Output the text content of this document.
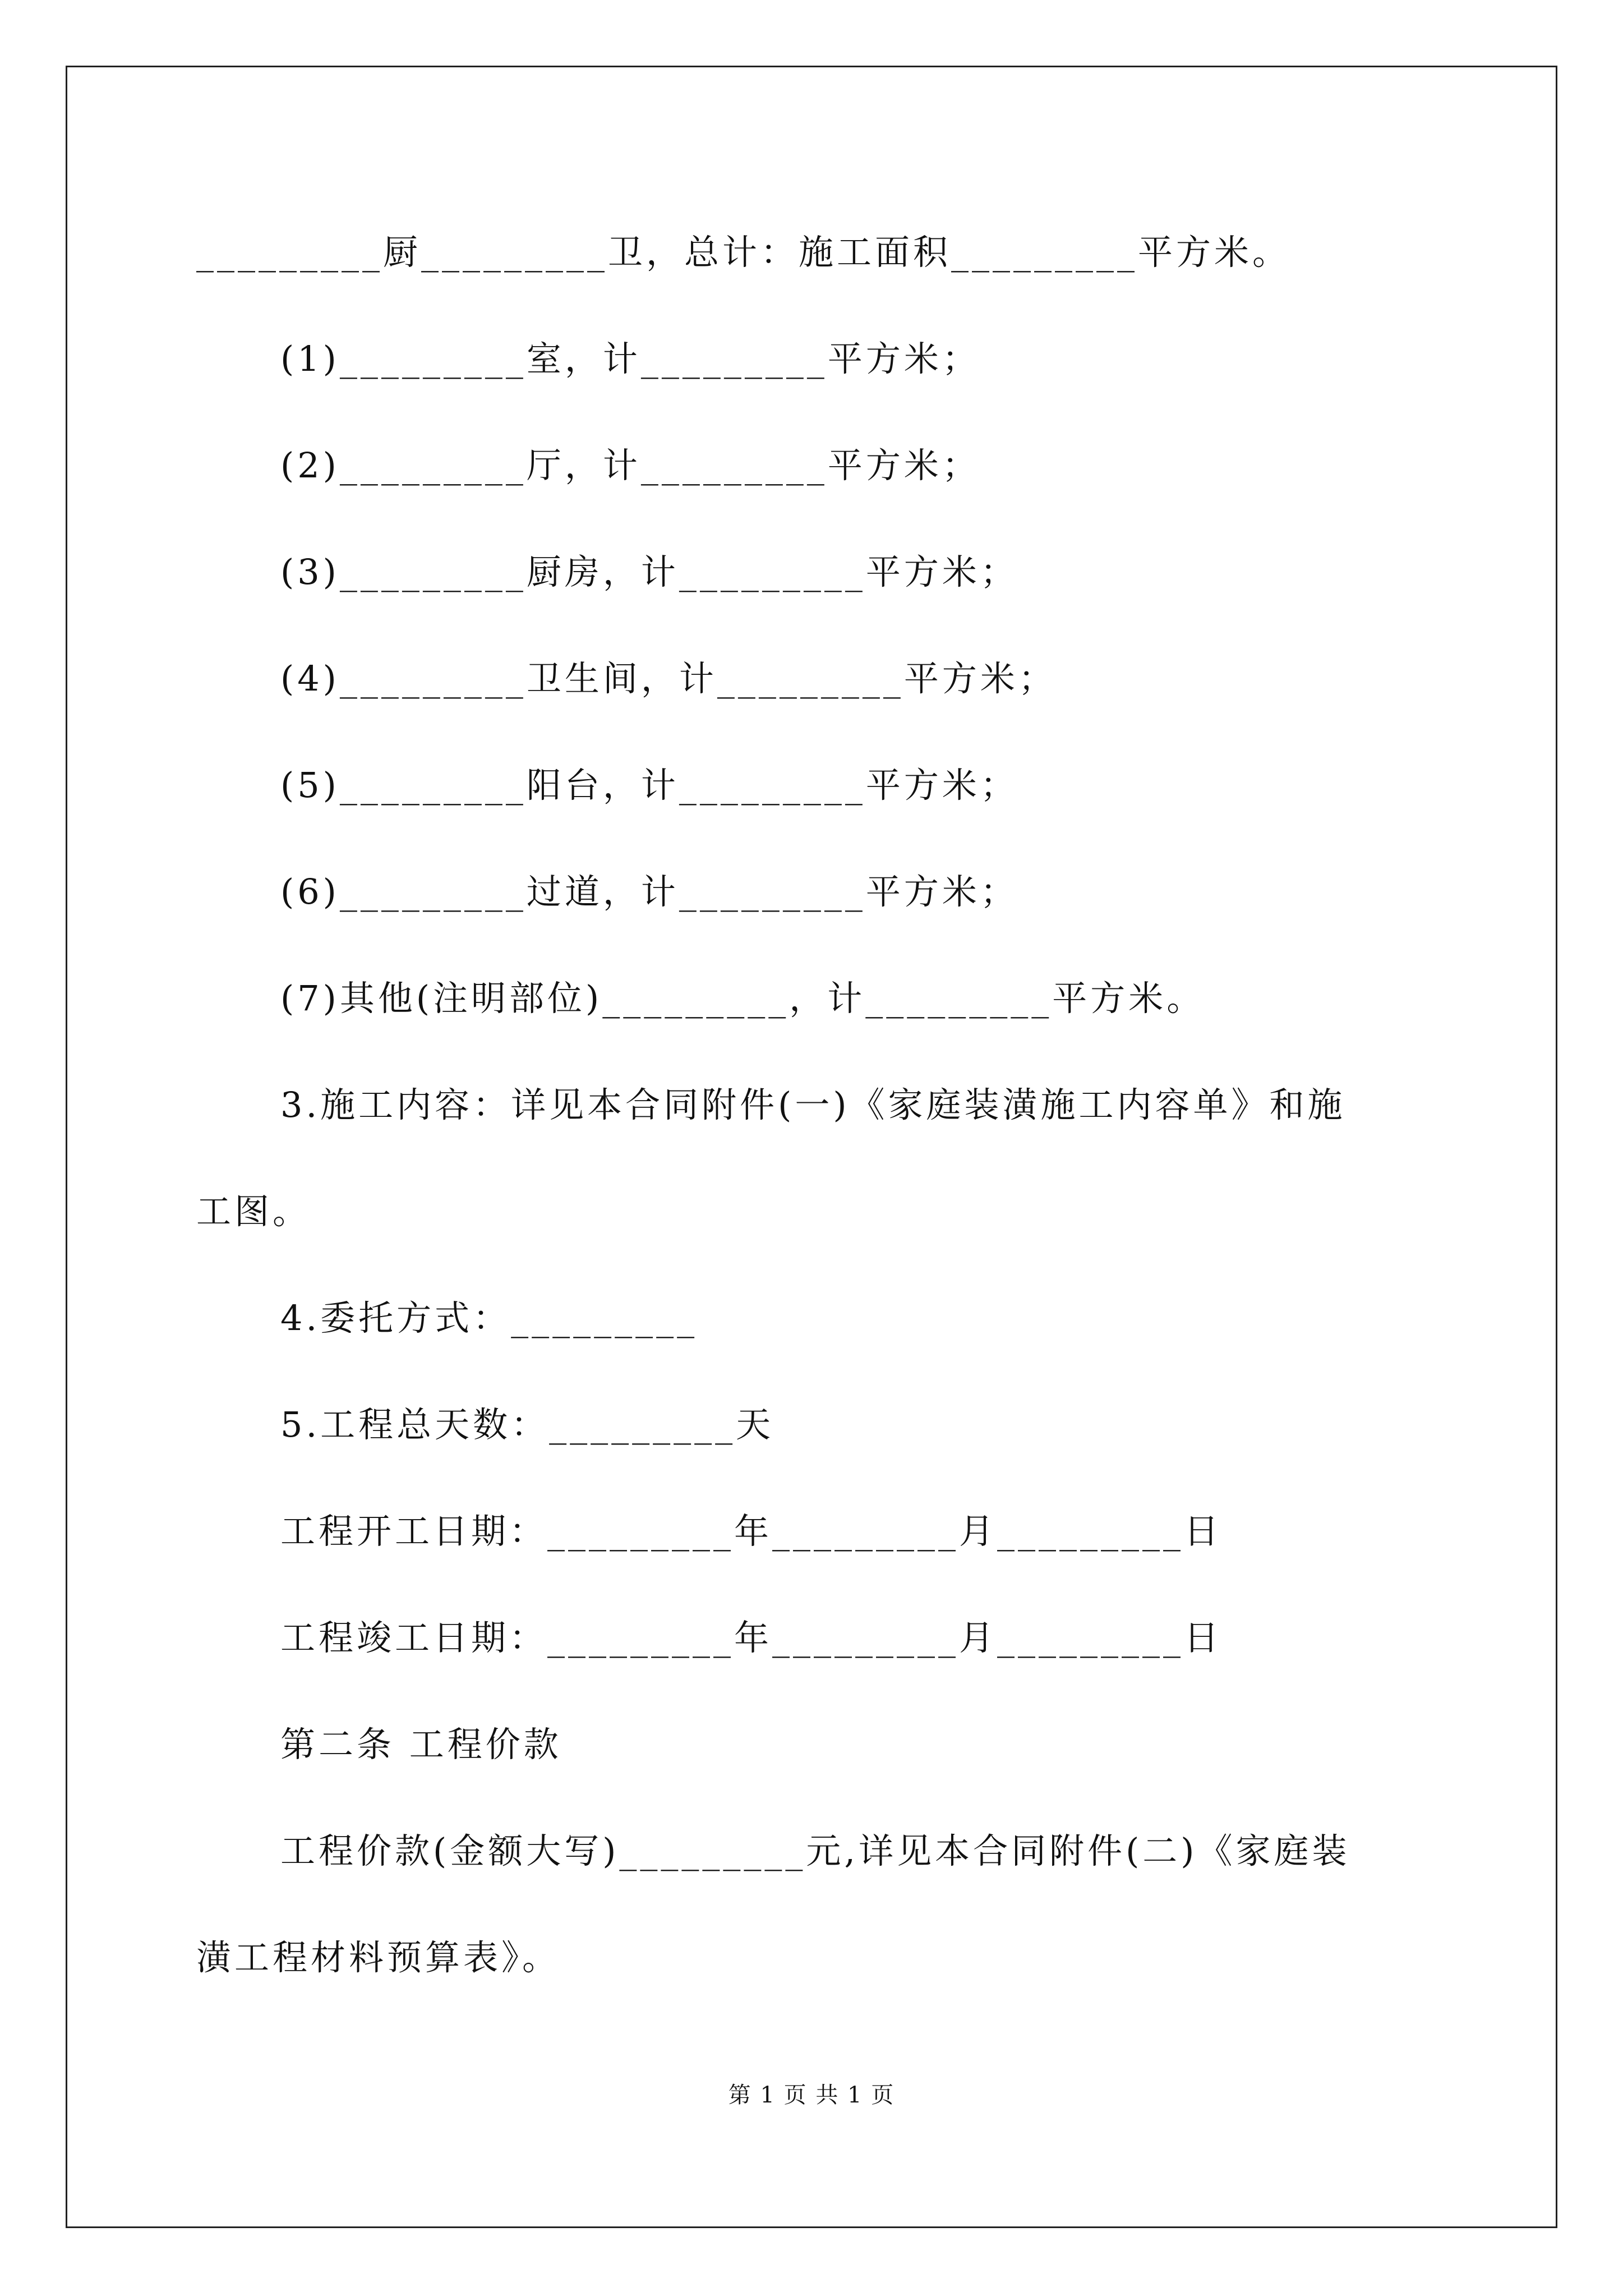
_________厨_________卫，总计：施工面积_________平方米。
(1)_________室，计_________平方米；
(2)_________厅，计_________平方米；
(3)_________厨房，计_________平方米；
(4)_________卫生间，计_________平方米；
(5)_________阳台，计_________平方米；
(6)_________过道，计_________平方米；
(7)其他(注明部位)_________，计_________平方米。
3.施工内容：详见本合同附件(一)《家庭装潢施工内容单》和施
工图。
4.委托方式：_________
5.工程总天数：_________天
工程开工日期：_________年_________月_________日
工程竣工日期：_________年_________月_________日
第二条 工程价款
工程价款(金额大写)_________元,详见本合同附件(二)《家庭装
潢工程材料预算表》。
第 1 页 共 1 页
